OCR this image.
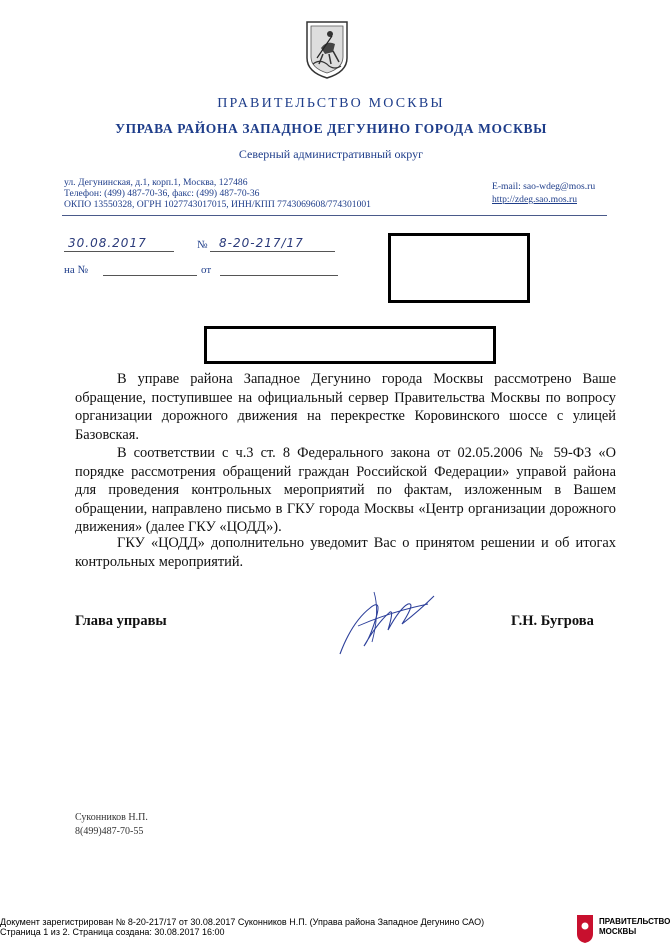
ПРАВИТЕЛЬСТВО МОСКВЫ
УПРАВА РАЙОНА ЗАПАДНОЕ ДЕГУНИНО ГОРОДА МОСКВЫ
Северный административный округ
ул. Дегунинская, д.1, корп.1, Москва, 127486
Телефон: (499) 487-70-36, факс: (499) 487-70-36
ОКПО 13550328, ОГРН 1027743017015, ИНН/КПП 7743069608/774301001
E-mail: sao-wdeg@mos.ru
http://zdeg.sao.mos.ru
30.08.2017	№ 8-20-217/17
на №	от
В управе района Западное Дегунино города Москвы рассмотрено Ваше обращение, поступившее на официальный сервер Правительства Москвы по вопросу организации дорожного движения на перекрестке Коровинского шоссе с улицей Базовская.
В соответствии с ч.3 ст. 8 Федерального закона от 02.05.2006 № 59-ФЗ «О порядке рассмотрения обращений граждан Российской Федерации» управой района для проведения контрольных мероприятий по фактам, изложенным в Вашем обращении, направлено письмо в ГКУ города Москвы «Центр организации дорожного движения» (далее ГКУ «ЦОДД»).
ГКУ «ЦОДД» дополнительно уведомит Вас о принятом решении и об итогах контрольных мероприятий.
Глава управы	Г.Н. Бугрова
Суконников Н.П.
8(499)487-70-55
Документ зарегистрирован № 8-20-217/17 от 30.08.2017 Суконников Н.П. (Управа района Западное Дегунино САО)
Страница 1 из 2. Страница создана: 30.08.2017 16:00
ПРАВИТЕЛЬСТВО
МОСКВЫ
